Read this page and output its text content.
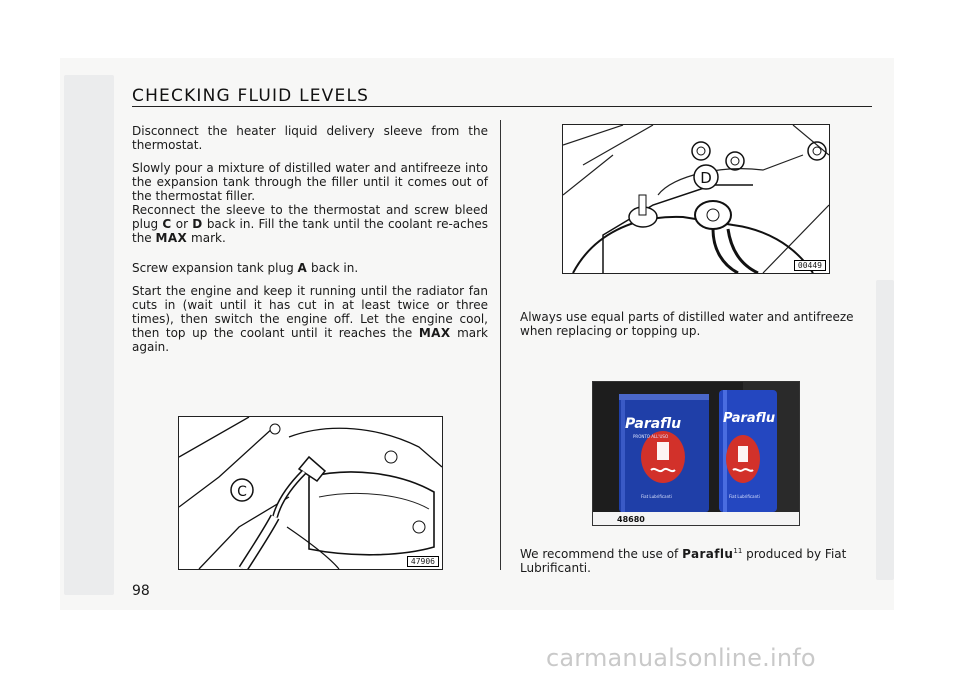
CHECKING FLUID LEVELS

Disconnect the heater liquid delivery sleeve from the thermostat.

Slowly pour a mixture of distilled water and antifreeze into the expansion tank through the filler until it comes out of the thermostat filler.
Reconnect the sleeve to the thermostat and screw bleed plug C or D back in. Fill the tank until the coolant re-aches the MAX mark.

Screw expansion tank plug A back in.

Start the engine and keep it running until the radiator fan cuts in (wait until it has cut in at least twice or three times), then switch the engine off. Let the engine cool, then top up the coolant until it reaches the MAX mark again.

D
00449
Always use equal parts of distilled water and antifreeze when replacing or topping up.
Paraflu
PRONTO ALL'USO
Fiat Lubrificanti
Paraflu
Fiat Lubrificanti
48680
We recommend the use of Paraflu$^{11}$ produced by Fiat Lubrificanti.
C
47906
98
carmanualsonline.info
